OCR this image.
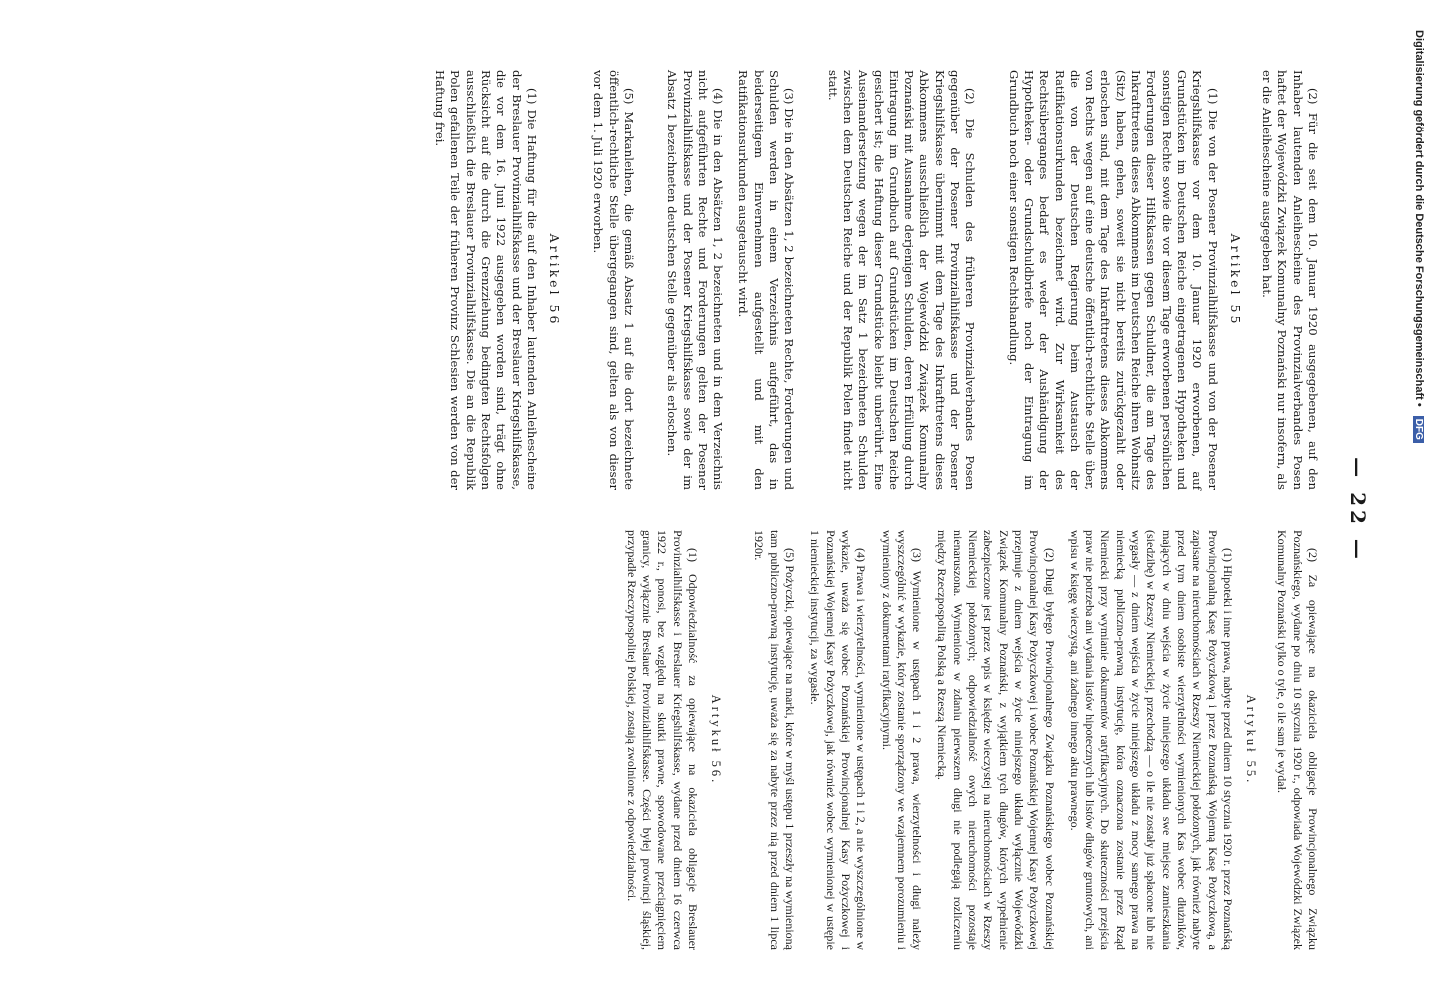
— 22 —

(2) Für die seit dem 10. Januar 1920 ausgegebenen, auf den Inhaber lautenden Anleihescheine des Provinzialverbandes Posen haftet der Wojewódzki Związek Komunalny Poznański nur insofern, als er die Anleihescheine ausgegeben hat.

Artikel 55

(1) Die von der Posener Provinzialhilfskasse und von der Posener Kriegshilfskasse vor dem 10. Januar 1920 erworbenen, auf Grundstücken im Deutschen Reiche eingetragenen Hypotheken und sonstigen Rechte sowie die vor diesem Tage erworbenen persönlichen Forderungen dieser Hilfskassen gegen Schuldner, die am Tage des Inkrafttretens dieses Abkommens im Deutschen Reiche ihren Wohnsitz (Sitz) haben, gehen, soweit sie nicht bereits zurückgezahlt oder erloschen sind, mit dem Tage des Inkrafttretens dieses Abkommens von Rechts wegen auf eine deutsche öffentlich-rechtliche Stelle über, die von der Deutschen Regierung beim Austausch der Ratifikationsurkunden bezeichnet wird. Zur Wirksamkeit des Rechtsüberganges bedarf es weder der Aushändigung der Hypotheken- oder Grundschuldbriefe noch der Eintragung im Grundbuch noch einer sonstigen Rechtshandlung.

(2) Die Schulden des früheren Provinzialverbandes Posen gegenüber der Posener Provinzialhilfskasse und der Posener Kriegshilfskasse übernimmt mit dem Tage des Inkrafttretens dieses Abkommens ausschließlich der Wojewódzki Związek Komunalny Poznański mit Ausnahme derjenigen Schulden, deren Erfüllung durch Eintragung im Grundbuch auf Grundstücken im Deutschen Reiche gesichert ist; die Haftung dieser Grundstücke bleibt unberührt. Eine Auseinandersetzung wegen der im Satz 1 bezeichneten Schulden zwischen dem Deutschen Reiche und der Republik Polen findet nicht statt.

(3) Die in den Absätzen 1, 2 bezeichneten Rechte, Forderungen und Schulden werden in einem Verzeichnis aufgeführt, das in beiderseitigem Einvernehmen aufgestellt und mit den Ratifikationsurkunden ausgetauscht wird.

(4) Die in den Absätzen 1, 2 bezeichneten und in dem Verzeichnis nicht aufgeführten Rechte und Forderungen gelten der Posener Provinzialhilfskasse und der Posener Kriegshilfskasse sowie der im Absatz 1 bezeichneten deutschen Stelle gegenüber als erloschen.

(5) Markanleihen, die gemäß Absatz 1 auf die dort bezeichnete öffentlich-rechtliche Stelle übergegangen sind, gelten als von dieser vor dem 1. Juli 1920 erworben.

Artikel 56

(1) Die Haftung für die auf den Inhaber lautenden Anleihescheine der Breslauer Provinzialhilfskasse und der Breslauer Kriegshilfskasse, die vor dem 16. Juni 1922 ausgegeben worden sind, trägt ohne Rücksicht auf die durch die Grenzziehung bedingten Rechtsfolgen ausschließlich die Breslauer Provinzialhilfskasse. Die an die Republik Polen gefallenen Teile der früheren Provinz Schlesien werden von der Haftung frei.

(2) Za opiewające na okaziciela obligacje Prowincjonalnego Związku Poznańskiego, wydane po dniu 10 stycznia 1920 r., odpowiada Wojewódzki Związek Komunalny Poznański tylko o tyle, o ile sam je wydał.

Artykuł 55.

(1) Hipoteki i inne prawa, nabyte przed dniem 10 stycznia 1920 r. przez Poznańską Prowincjonalną Kasę Pożyczkową i przez Poznańską Wojenną Kasę Pożyczkową, a zapisane na nieruchomościach w Rzeszy Niemieckiej położonych, jak również nabyte przed tym dniem osobiste wierzytelności wymienionych Kas wobec dłużników, mających w dniu wejścia w życie niniejszego układu swe miejsce zamieszkania (siedzibę) w Rzeszy Niemieckiej, przechodzą — o ile nie zostały już spłacone lub nie wygasły — z dniem wejścia w życie niniejszego układu z mocy samego prawa na niemiecką publiczno-prawną instytucję, która oznaczona zostanie przez Rząd Niemiecki przy wymianie dokumentów ratyfikacyjnych. Do skuteczności przejścia praw nie potrzeba ani wydania listów hipotecznych lub listów długów gruntowych, ani wpisu w księgę wieczystą, ani żadnego innego aktu prawnego.

(2) Długi byłego Prowincjonalnego Związku Poznańskiego wobec Poznańskiej Prowincjonalnej Kasy Pożyczkowej i wobec Poznańskiej Wojennej Kasy Pożyczkowej przejmuje z dniem wejścia w życie niniejszego układu wyłącznie Wojewódzki Związek Komunalny Poznański, z wyjątkiem tych długów, których wypełnienie zabezpieczone jest przez wpis w księdze wieczystej na nieruchomościach w Rzeszy Niemieckiej położonych; odpowiedzialność owych nieruchomości pozostaje nienaruszona. Wymienione w zdaniu pierwszem długi nie podlegają rozliczeniu między Rzeczpospolitą Polską a Rzeszą Niemiecką.

(3) Wymienione w ustępach 1 i 2 prawa, wierzytelności i długi należy wyszczególnić w wykazie, który zostanie sporządzony we wzajemnem porozumieniu i wymieniony z dokumentami ratyfikacyjnymi.

(4) Prawa i wierzytelności, wymienione w ustępach 1 i 2, a nie wyszczególnione w wykazie, uważa się wobec Poznańskiej Prowincjonalnej Kasy Pożyczkowej i Poznańskiej Wojennej Kasy Pożyczkowej, jak również wobec wymienionej w ustępie 1 niemieckiej instytucji, za wygasłe.

(5) Pożyczki, opiewające na marki, które w myśl ustępu 1 przeszły na wymienioną tam publiczno-prawną instytucję, uważa się za nabyte przez nią przed dniem 1 lipca 1920r.

Artykuł 56.

(1) Odpowiedzialność za opiewające na okaziciela obligacje Breslauer Provinzialhilfskasse i Breslauer Kriegshilfskasse, wydane przed dniem 16 czerwca 1922 r., ponosi, bez względu na skutki prawne, spowodowane przeciągnięciem granicy, wyłącznie Breslauer Provinzialhilfskasse. Części byłej prowincji śląskiej, przypadłe Rzeczypospolitej Polskiej, zostają zwolnione z odpowiedzialności.

Digitalisierung gefördert durch die Deutsche Forschungsgemeinschaft • DFG
